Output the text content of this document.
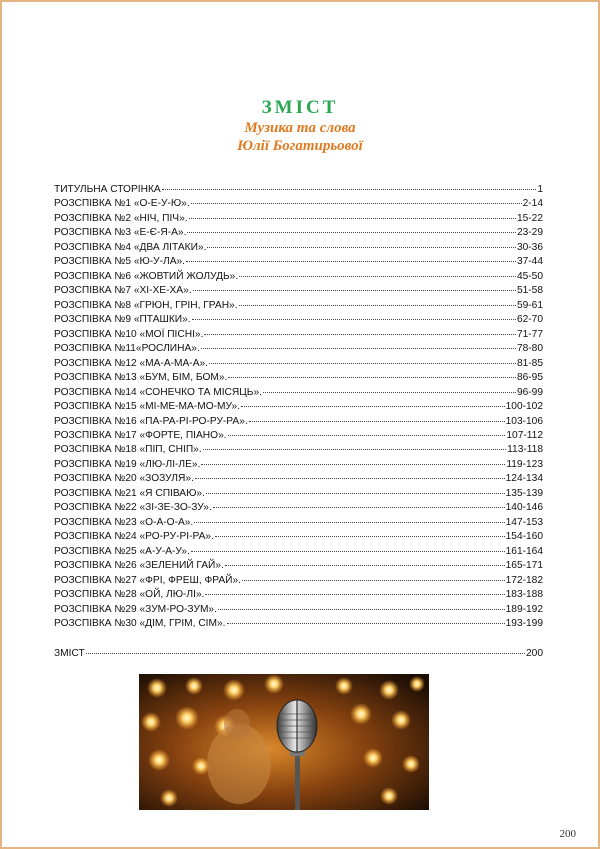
ЗМІСТ
Музика та слова
Юлії Богатирьової
ТИТУЛЬНА СТОРІНКА	1
РОЗСПІВКА №1 «О-Е-У-Ю».	2-14
РОЗСПІВКА №2 «НІЧ, ПІЧ».	15-22
РОЗСПІВКА №3 «Е-Є-Я-А».	23-29
РОЗСПІВКА №4 «ДВА ЛІТАКИ».	30-36
РОЗСПІВКА №5 «Ю-У-ЛА».	37-44
РОЗСПІВКА №6 «ЖОВТИЙ ЖОЛУДЬ».	45-50
РОЗСПІВКА №7 «ХІ-ХЕ-ХА».	51-58
РОЗСПІВКА №8 «ГРЮН, ГРІН, ГРАН».	59-61
РОЗСПІВКА №9 «ПТАШКИ».	62-70
РОЗСПІВКА №10 «МОЇ ПІСНІ».	71-77
РОЗСПІВКА №11«РОСЛИНА».	78-80
РОЗСПІВКА №12 «МА-А-МА-А».	81-85
РОЗСПІВКА №13 «БУМ, БІМ, БОМ».	86-95
РОЗСПІВКА №14 «СОНЕЧКО ТА МІСЯЦЬ».	96-99
РОЗСПІВКА №15 «МІ-МЕ-МА-МО-МУ».	100-102
РОЗСПІВКА №16 «ПА-РА-РІ-РО-РУ-РА».	103-106
РОЗСПІВКА №17 «ФОРТЕ, ПІАНО».	107-112
РОЗСПІВКА №18 «ПІП, СНІП».	113-118
РОЗСПІВКА №19 «ЛЮ-ЛІ-ЛЕ».	119-123
РОЗСПІВКА №20 «ЗОЗУЛЯ».	124-134
РОЗСПІВКА №21 «Я СПІВАЮ».	135-139
РОЗСПІВКА №22 «ЗІ-ЗЕ-ЗО-ЗУ».	140-146
РОЗСПІВКА №23 «О-А-О-А».	147-153
РОЗСПІВКА №24 «РО-РУ-РІ-РА».	154-160
РОЗСПІВКА №25 «А-У-А-У».	161-164
РОЗСПІВКА №26 «ЗЕЛЕНИЙ ГАЙ».	165-171
РОЗСПІВКА №27 «ФРІ, ФРЕШ, ФРАЙ».	172-182
РОЗСПІВКА №28 «ОЙ, ЛЮ-ЛІ».	183-188
РОЗСПІВКА №29 «ЗУМ-РО-ЗУМ».	189-192
РОЗСПІВКА №30 «ДІМ, ГРІМ, СІМ».	193-199
ЗМІСТ	200
200
